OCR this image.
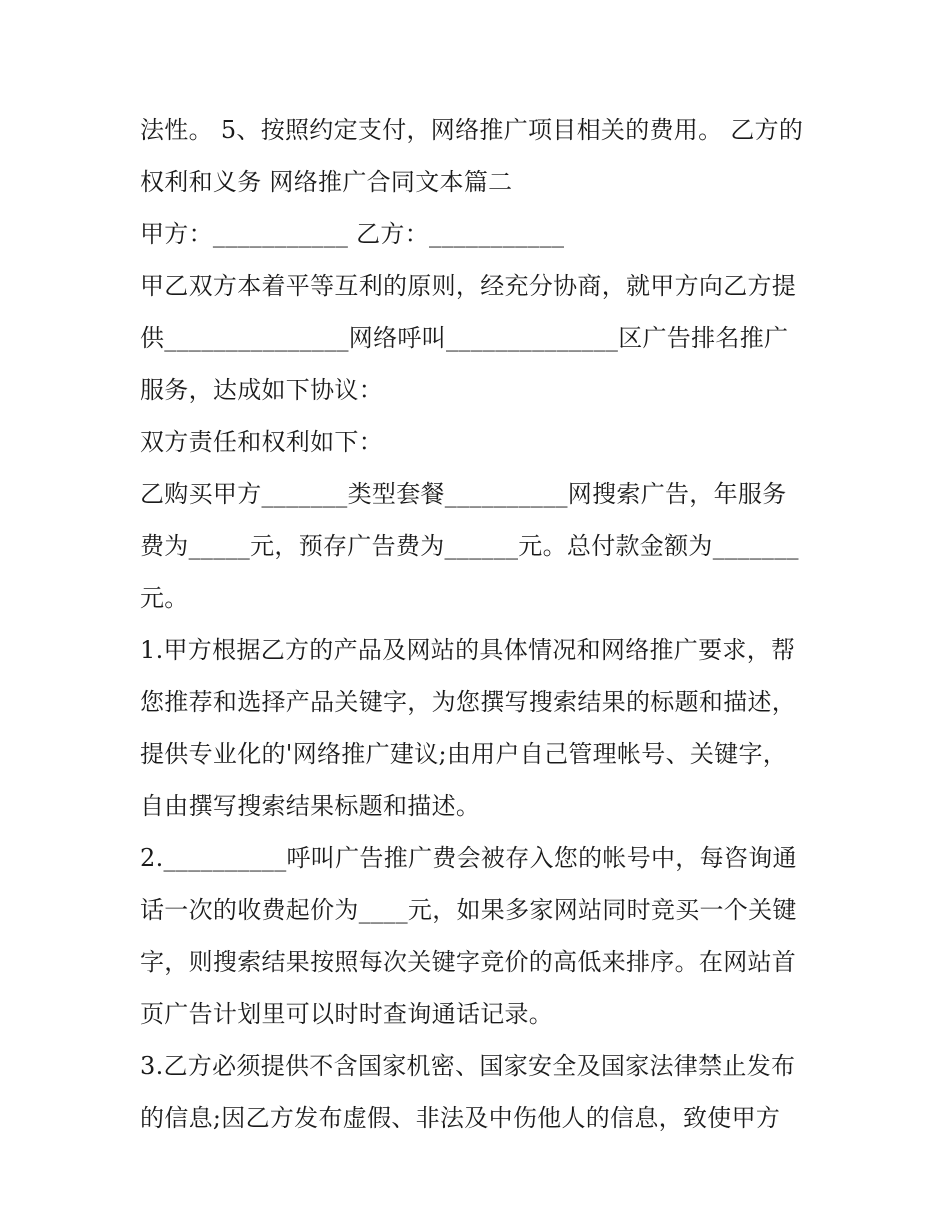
法性。 5、按照约定支付，网络推广项目相关的费用。 乙方的
权利和义务 网络推广合同文本篇二
甲方：___________ 乙方：___________
甲乙双方本着平等互利的原则，经充分协商，就甲方向乙方提
供_______________网络呼叫______________区广告排名推广
服务，达成如下协议：
双方责任和权利如下：
乙购买甲方_______类型套餐__________网搜索广告，年服务
费为_____元，预存广告费为______元。总付款金额为_______
元。
1.甲方根据乙方的产品及网站的具体情况和网络推广要求，帮
您推荐和选择产品关键字，为您撰写搜索结果的标题和描述，
提供专业化的'网络推广建议;由用户自己管理帐号、关键字，
自由撰写搜索结果标题和描述。
2.__________呼叫广告推广费会被存入您的帐号中，每咨询通
话一次的收费起价为____元，如果多家网站同时竞买一个关键
字，则搜索结果按照每次关键字竞价的高低来排序。在网站首
页广告计划里可以时时查询通话记录。
3.乙方必须提供不含国家机密、国家安全及国家法律禁止发布
的信息;因乙方发布虚假、非法及中伤他人的信息，致使甲方
